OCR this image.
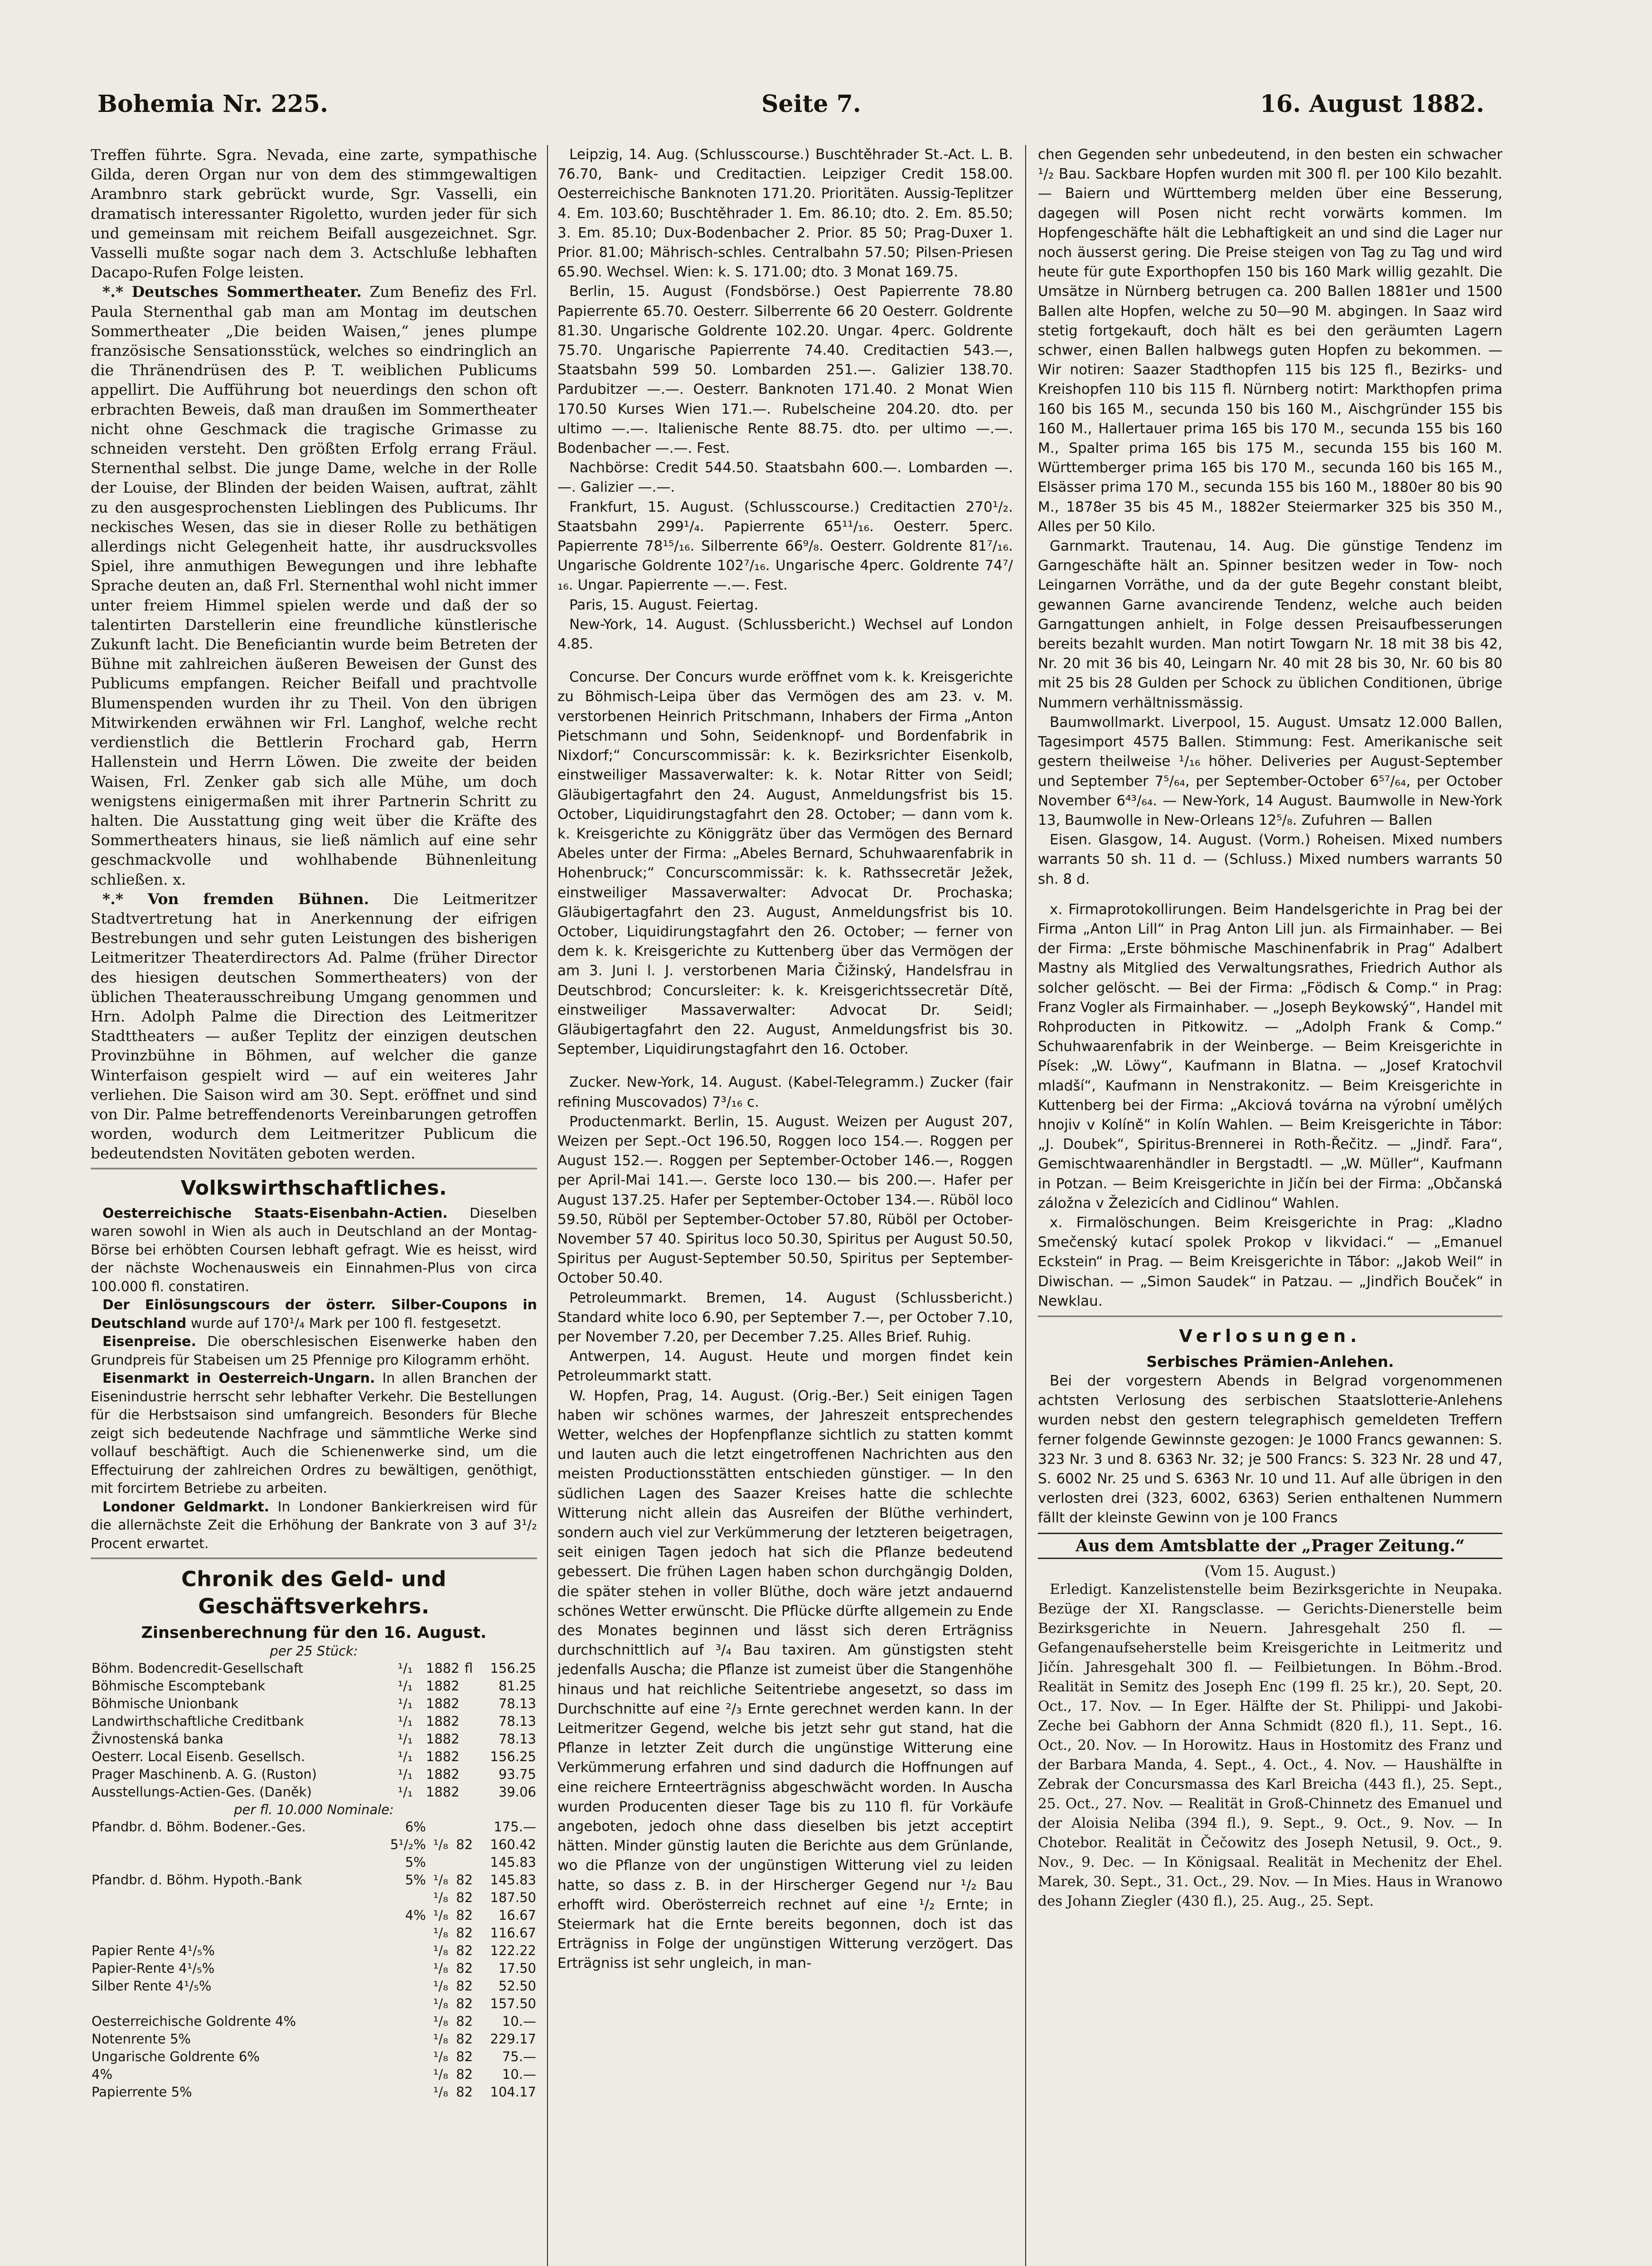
Bohemia Nr. 225.	Seite 7.	16. August 1882.

Treffen führte. Sgra. Nevada, eine zarte, sympathische Gilda, deren Organ nur von dem des stimmgewaltigen Arambnro stark gebrückt wurde, Sgr. Vasselli, ein dramatisch interessanter Rigoletto, wurden jeder für sich und gemeinsam mit reichem Beifall ausgezeichnet. Sgr. Vasselli mußte sogar nach dem 3. Actschluße lebhaften Dacapo-Rufen Folge leisten.

*.* Deutsches Sommertheater. Zum Benefiz des Frl. Paula Sternenthal gab man am Montag im deutschen Sommertheater „Die beiden Waisen,“ jenes plumpe französische Sensationsstück, welches so eindringlich an die Thränendrüsen des P. T. weiblichen Publicums appellirt. Die Aufführung bot neuerdings den schon oft erbrachten Beweis, daß man draußen im Sommertheater nicht ohne Geschmack die tragische Grimasse zu schneiden versteht. Den größten Erfolg errang Fräul. Sternenthal selbst. Die junge Dame, welche in der Rolle der Louise, der Blinden der beiden Waisen, auftrat, zählt zu den ausgesprochensten Lieblingen des Publicums. Ihr neckisches Wesen, das sie in dieser Rolle zu bethätigen allerdings nicht Gelegenheit hatte, ihr ausdrucksvolles Spiel, ihre anmuthigen Bewegungen und ihre lebhafte Sprache deuten an, daß Frl. Sternenthal wohl nicht immer unter freiem Himmel spielen werde und daß der so talentirten Darstellerin eine freundliche künstlerische Zukunft lacht. Die Beneficiantin wurde beim Betreten der Bühne mit zahlreichen äußeren Beweisen der Gunst des Publicums empfangen. Reicher Beifall und prachtvolle Blumenspenden wurden ihr zu Theil. Von den übrigen Mitwirkenden erwähnen wir Frl. Langhof, welche recht verdienstlich die Bettlerin Frochard gab, Herrn Hallenstein und Herrn Löwen. Die zweite der beiden Waisen, Frl. Zenker gab sich alle Mühe, um doch wenigstens einigermaßen mit ihrer Partnerin Schritt zu halten. Die Ausstattung ging weit über die Kräfte des Sommertheaters hinaus, sie ließ nämlich auf eine sehr geschmackvolle und wohlhabende Bühnenleitung schließen. x.

*.* Von fremden Bühnen. Die Leitmeritzer Stadtvertretung hat in Anerkennung der eifrigen Bestrebungen und sehr guten Leistungen des bisherigen Leitmeritzer Theaterdirectors Ad. Palme (früher Director des hiesigen deutschen Sommertheaters) von der üblichen Theaterausschreibung Umgang genommen und Hrn. Adolph Palme die Direction des Leitmeritzer Stadttheaters — außer Teplitz der einzigen deutschen Provinzbühne in Böhmen, auf welcher die ganze Winterfaison gespielt wird — auf ein weiteres Jahr verliehen. Die Saison wird am 30. Sept. eröffnet und sind von Dir. Palme betreffendenorts Vereinbarungen getroffen worden, wodurch dem Leitmeritzer Publicum die bedeutendsten Novitäten geboten werden.

Volkswirthschaftliches.

Oesterreichische Staats-Eisenbahn-Actien. Dieselben waren sowohl in Wien als auch in Deutschland an der Montag-Börse bei erhöbten Coursen lebhaft gefragt. Wie es heisst, wird der nächste Wochenausweis ein Einnahmen-Plus von circa 100.000 fl. constatiren.

Der Einlösungscours der österr. Silber-Coupons in Deutschland wurde auf 170¹/₄ Mark per 100 fl. festgesetzt.

Eisenpreise. Die oberschlesischen Eisenwerke haben den Grundpreis für Stabeisen um 25 Pfennige pro Kilogramm erhöht.

Eisenmarkt in Oesterreich-Ungarn. In allen Branchen der Eisenindustrie herrscht sehr lebhafter Verkehr. Die Bestellungen für die Herbstsaison sind umfangreich. Besonders für Bleche zeigt sich bedeutende Nachfrage und sämmtliche Werke sind vollauf beschäftigt. Auch die Schienenwerke sind, um die Effectuirung der zahlreichen Ordres zu bewältigen, genöthigt, mit forcirtem Betriebe zu arbeiten.

Londoner Geldmarkt. In Londoner Bankierkreisen wird für die allernächste Zeit die Erhöhung der Bankrate von 3 auf 3¹/₂ Procent erwartet.

Chronik des Geld- und Geschäftsverkehrs.
Zinsenberechnung für den 16. August.
per 25 Stück:
Böhm. Bodencredit-Gesellschaft	¹/₁	1882	fl	156.25
Böhmische Escomptebank	¹/₁	1882		81.25
Böhmische Unionbank	¹/₁	1882		78.13
Landwirthschaftliche Creditbank	¹/₁	1882		78.13
Živnostenská banka	¹/₁	1882		78.13
Oesterr. Local Eisenb. Gesellsch.	¹/₁	1882		156.25
Prager Maschinenb. A. G. (Ruston)	¹/₁	1882		93.75
Ausstellungs-Actien-Ges. (Daněk)	¹/₁	1882		39.06
per fl. 10.000 Nominale:
Pfandbr. d. Böhm. Bodener.-Ges.	6%			175.—
	5¹/₂%	¹/₈	82	160.42
	5%			145.83
Pfandbr. d. Böhm. Hypoth.-Bank	5%	¹/₈	82	145.83
		¹/₈	82	187.50
	4%	¹/₈	82	16.67
		¹/₈	82	116.67
Papier Rente 4¹/₅%		¹/₈	82	122.22
Papier-Rente 4¹/₅%		¹/₈	82	17.50
Silber Rente 4¹/₅%		¹/₈	82	52.50
		¹/₈	82	157.50
Oesterreichische Goldrente 4%		¹/₈	82	10.—
Notenrente 5%		¹/₈	82	229.17
Ungarische Goldrente 6%		¹/₈	82	75.—
4%		¹/₈	82	10.—
Papierrente 5%		¹/₈	82	104.17

Leipzig, 14. Aug. (Schlusscourse.) Buschtěhrader St.-Act. L. B. 76.70, Bank- und Creditactien. Leipziger Credit 158.00. Oesterreichische Banknoten 171.20. Prioritäten. Aussig-Teplitzer 4. Em. 103.60; Buschtěhrader 1. Em. 86.10; dto. 2. Em. 85.50; 3. Em. 85.10; Dux-Bodenbacher 2. Prior. 85 50; Prag-Duxer 1. Prior. 81.00; Mährisch-schles. Centralbahn 57.50; Pilsen-Priesen 65.90. Wechsel. Wien: k. S. 171.00; dto. 3 Monat 169.75.

Berlin, 15. August (Fondsbörse.) Oest Papierrente 78.80 Papierrente 65.70. Oesterr. Silberrente 66 20 Oesterr. Goldrente 81.30. Ungarische Goldrente 102.20. Ungar. 4perc. Goldrente 75.70. Ungarische Papierrente 74.40. Creditactien 543.—, Staatsbahn 599 50. Lombarden 251.—. Galizier 138.70. Pardubitzer —.—. Oesterr. Banknoten 171.40. 2 Monat Wien 170.50 Kurses Wien 171.—. Rubelscheine 204.20. dto. per ultimo —.—. Italienische Rente 88.75. dto. per ultimo —.—. Bodenbacher —.—. Fest.

Nachbörse: Credit 544.50. Staatsbahn 600.—. Lombarden —.—. Galizier —.—.

Frankfurt, 15. August. (Schlusscourse.) Creditactien 270¹/₂. Staatsbahn 299¹/₄. Papierrente 65¹¹/₁₆. Oesterr. 5perc. Papierrente 78¹⁵/₁₆. Silberrente 66⁹/₈. Oesterr. Goldrente 81⁷/₁₆. Ungarische Goldrente 102⁷/₁₆. Ungarische 4perc. Goldrente 74⁷/₁₆. Ungar. Papierrente —.—. Fest.

Paris, 15. August. Feiertag.

New-York, 14. August. (Schlussbericht.) Wechsel auf London 4.85.

Concurse. Der Concurs wurde eröffnet vom k. k. Kreisgerichte zu Böhmisch-Leipa über das Vermögen des am 23. v. M. verstorbenen Heinrich Pritschmann, Inhabers der Firma „Anton Pietschmann und Sohn, Seidenknopf- und Bordenfabrik in Nixdorf;“ Concurscommissär: k. k. Bezirksrichter Eisenkolb, einstweiliger Massaverwalter: k. k. Notar Ritter von Seidl; Gläubigertagfahrt den 24. August, Anmeldungsfrist bis 15. October, Liquidirungstagfahrt den 28. October; — dann vom k. k. Kreisgerichte zu Königgrätz über das Vermögen des Bernard Abeles unter der Firma: „Abeles Bernard, Schuhwaarenfabrik in Hohenbruck;“ Concurscommissär: k. k. Rathssecretär Ježek, einstweiliger Massaverwalter: Advocat Dr. Prochaska; Gläubigertagfahrt den 23. August, Anmeldungsfrist bis 10. October, Liquidirungstagfahrt den 26. October; — ferner von dem k. k. Kreisgerichte zu Kuttenberg über das Vermögen der am 3. Juni l. J. verstorbenen Maria Čižinský, Handelsfrau in Deutschbrod; Concursleiter: k. k. Kreisgerichtssecretär Dítě, einstweiliger Massaverwalter: Advocat Dr. Seidl; Gläubigertagfahrt den 22. August, Anmeldungsfrist bis 30. September, Liquidirungstagfahrt den 16. October.

Zucker. New-York, 14. August. (Kabel-Telegramm.) Zucker (fair refining Muscovados) 7³/₁₆ c.

Productenmarkt. Berlin, 15. August. Weizen per August 207, Weizen per Sept.-Oct 196.50, Roggen loco 154.—. Roggen per August 152.—. Roggen per September-October 146.—, Roggen per April-Mai 141.—. Gerste loco 130.— bis 200.—. Hafer per August 137.25. Hafer per September-October 134.—. Rüböl loco 59.50, Rüböl per September-October 57.80, Rüböl per October-November 57 40. Spiritus loco 50.30, Spiritus per August 50.50, Spiritus per August-September 50.50, Spiritus per September-October 50.40.

Petroleummarkt. Bremen, 14. August (Schlussbericht.) Standard white loco 6.90, per September 7.—, per October 7.10, per November 7.20, per December 7.25. Alles Brief. Ruhig.

Antwerpen, 14. August. Heute und morgen findet kein Petroleummarkt statt.

W. Hopfen, Prag, 14. August. (Orig.-Ber.) Seit einigen Tagen haben wir schönes warmes, der Jahreszeit entsprechendes Wetter, welches der Hopfenpflanze sichtlich zu statten kommt und lauten auch die letzt eingetroffenen Nachrichten aus den meisten Productionsstätten entschieden günstiger. — In den südlichen Lagen des Saazer Kreises hatte die schlechte Witterung nicht allein das Ausreifen der Blüthe verhindert, sondern auch viel zur Verkümmerung der letzteren beigetragen, seit einigen Tagen jedoch hat sich die Pflanze bedeutend gebessert. Die frühen Lagen haben schon durchgängig Dolden, die später stehen in voller Blüthe, doch wäre jetzt andauernd schönes Wetter erwünscht. Die Pflücke dürfte allgemein zu Ende des Monates beginnen und lässt sich deren Erträgniss durchschnittlich auf ³/₄ Bau taxiren. Am günstigsten steht jedenfalls Auscha; die Pflanze ist zumeist über die Stangenhöhe hinaus und hat reichliche Seitentriebe angesetzt, so dass im Durchschnitte auf eine ²/₃ Ernte gerechnet werden kann. In der Leitmeritzer Gegend, welche bis jetzt sehr gut stand, hat die Pflanze in letzter Zeit durch die ungünstige Witterung eine Verkümmerung erfahren und sind dadurch die Hoffnungen auf eine reichere Ernteerträgniss abgeschwächt worden. In Auscha wurden Producenten dieser Tage bis zu 110 fl. für Vorkäufe angeboten, jedoch ohne dass dieselben bis jetzt acceptirt hätten. Minder günstig lauten die Berichte aus dem Grünlande, wo die Pflanze von der ungünstigen Witterung viel zu leiden hatte, so dass z. B. in der Hirscherger Gegend nur ¹/₂ Bau erhofft wird. Oberösterreich rechnet auf eine ¹/₂ Ernte; in Steiermark hat die Ernte bereits begonnen, doch ist das Erträgniss in Folge der ungünstigen Witterung verzögert. Das Erträgniss ist sehr ungleich, in man-

chen Gegenden sehr unbedeutend, in den besten ein schwacher ¹/₂ Bau. Sackbare Hopfen wurden mit 300 fl. per 100 Kilo bezahlt. — Baiern und Württemberg melden über eine Besserung, dagegen will Posen nicht recht vorwärts kommen. Im Hopfengeschäfte hält die Lebhaftigkeit an und sind die Lager nur noch äusserst gering. Die Preise steigen von Tag zu Tag und wird heute für gute Exporthopfen 150 bis 160 Mark willig gezahlt. Die Umsätze in Nürnberg betrugen ca. 200 Ballen 1881er und 1500 Ballen alte Hopfen, welche zu 50—90 M. abgingen. In Saaz wird stetig fortgekauft, doch hält es bei den geräumten Lagern schwer, einen Ballen halbwegs guten Hopfen zu bekommen. — Wir notiren: Saazer Stadthopfen 115 bis 125 fl., Bezirks- und Kreishopfen 110 bis 115 fl. Nürnberg notirt: Markthopfen prima 160 bis 165 M., secunda 150 bis 160 M., Aischgründer 155 bis 160 M., Hallertauer prima 165 bis 170 M., secunda 155 bis 160 M., Spalter prima 165 bis 175 M., secunda 155 bis 160 M. Württemberger prima 165 bis 170 M., secunda 160 bis 165 M., Elsässer prima 170 M., secunda 155 bis 160 M., 1880er 80 bis 90 M., 1878er 35 bis 45 M., 1882er Steiermarker 325 bis 350 M., Alles per 50 Kilo.

Garnmarkt. Trautenau, 14. Aug. Die günstige Tendenz im Garngeschäfte hält an. Spinner besitzen weder in Tow- noch Leingarnen Vorräthe, und da der gute Begehr constant bleibt, gewannen Garne avancirende Tendenz, welche auch beiden Garngattungen anhielt, in Folge dessen Preisaufbesserungen bereits bezahlt wurden. Man notirt Towgarn Nr. 18 mit 38 bis 42, Nr. 20 mit 36 bis 40, Leingarn Nr. 40 mit 28 bis 30, Nr. 60 bis 80 mit 25 bis 28 Gulden per Schock zu üblichen Conditionen, übrige Nummern verhältnissmässig.

Baumwollmarkt. Liverpool, 15. August. Umsatz 12.000 Ballen, Tagesimport 4575 Ballen. Stimmung: Fest. Amerikanische seit gestern theilweise ¹/₁₆ höher. Deliveries per August-September und September 7⁵/₆₄, per September-October 6⁵⁷/₆₄, per October November 6⁴³/₆₄. — New-York, 14 August. Baumwolle in New-York 13, Baumwolle in New-Orleans 12⁵/₈. Zufuhren — Ballen

Eisen. Glasgow, 14. August. (Vorm.) Roheisen. Mixed numbers warrants 50 sh. 11 d. — (Schluss.) Mixed numbers warrants 50 sh. 8 d.

x. Firmaprotokollirungen. Beim Handelsgerichte in Prag bei der Firma „Anton Lill“ in Prag Anton Lill jun. als Firmainhaber. — Bei der Firma: „Erste böhmische Maschinenfabrik in Prag“ Adalbert Mastny als Mitglied des Verwaltungsrathes, Friedrich Author als solcher gelöscht. — Bei der Firma: „Födisch & Comp.“ in Prag: Franz Vogler als Firmainhaber. — „Joseph Beykowský“, Handel mit Rohproducten in Pitkowitz. — „Adolph Frank & Comp.“ Schuhwaarenfabrik in der Weinberge. — Beim Kreisgerichte in Písek: „W. Löwy“, Kaufmann in Blatna. — „Josef Kratochvil mladší“, Kaufmann in Nenstrakonitz. — Beim Kreisgerichte in Kuttenberg bei der Firma: „Akciová továrna na výrobní umělých hnojiv v Kolíně“ in Kolín Wahlen. — Beim Kreisgerichte in Tábor: „J. Doubek“, Spiritus-Brennerei in Roth-Řečitz. — „Jindř. Fara“, Gemischtwaarenhändler in Bergstadtl. — „W. Müller“, Kaufmann in Potzan. — Beim Kreisgerichte in Jičín bei der Firma: „Občanská záložna v Železicích and Cidlinou“ Wahlen.

x. Firmalöschungen. Beim Kreisgerichte in Prag: „Kladno Smečenský kutací spolek Prokop v likvidaci.“ — „Emanuel Eckstein“ in Prag. — Beim Kreisgerichte in Tábor: „Jakob Weil“ in Diwischan. — „Simon Saudek“ in Patzau. — „Jindřich Bouček“ in Newklau.

Verlosungen.
Serbisches Prämien-Anlehen.

Bei der vorgestern Abends in Belgrad vorgenommenen achtsten Verlosung des serbischen Staatslotterie-Anlehens wurden nebst den gestern telegraphisch gemeldeten Treffern ferner folgende Gewinnste gezogen: Je 1000 Francs gewannen: S. 323 Nr. 3 und 8. 6363 Nr. 32; je 500 Francs: S. 323 Nr. 28 und 47, S. 6002 Nr. 25 und S. 6363 Nr. 10 und 11. Auf alle übrigen in den verlosten drei (323, 6002, 6363) Serien enthaltenen Nummern fällt der kleinste Gewinn von je 100 Francs

Aus dem Amtsblatte der „Prager Zeitung.“
(Vom 15. August.)

Erledigt. Kanzelistenstelle beim Bezirksgerichte in Neupaka. Bezüge der XI. Rangsclasse. — Gerichts-Dienerstelle beim Bezirksgerichte in Neuern. Jahresgehalt 250 fl. — Gefangenaufseherstelle beim Kreisgerichte in Leitmeritz und Jičín. Jahresgehalt 300 fl. — Feilbietungen. In Böhm.-Brod. Realität in Semitz des Joseph Enc (199 fl. 25 kr.), 20. Sept, 20. Oct., 17. Nov. — In Eger. Hälfte der St. Philippi- und Jakobi-Zeche bei Gabhorn der Anna Schmidt (820 fl.), 11. Sept., 16. Oct., 20. Nov. — In Horowitz. Haus in Hostomitz des Franz und der Barbara Manda, 4. Sept., 4. Oct., 4. Nov. — Haushälfte in Zebrak der Concursmassa des Karl Breicha (443 fl.), 25. Sept., 25. Oct., 27. Nov. — Realität in Groß-Chinnetz des Emanuel und der Aloisia Neliba (394 fl.), 9. Sept., 9. Oct., 9. Nov. — In Chotebor. Realität in Čečowitz des Joseph Netusil, 9. Oct., 9. Nov., 9. Dec. — In Königsaal. Realität in Mechenitz der Ehel. Marek, 30. Sept., 31. Oct., 29. Nov. — In Mies. Haus in Wranowo des Johann Ziegler (430 fl.), 25. Aug., 25. Sept.
